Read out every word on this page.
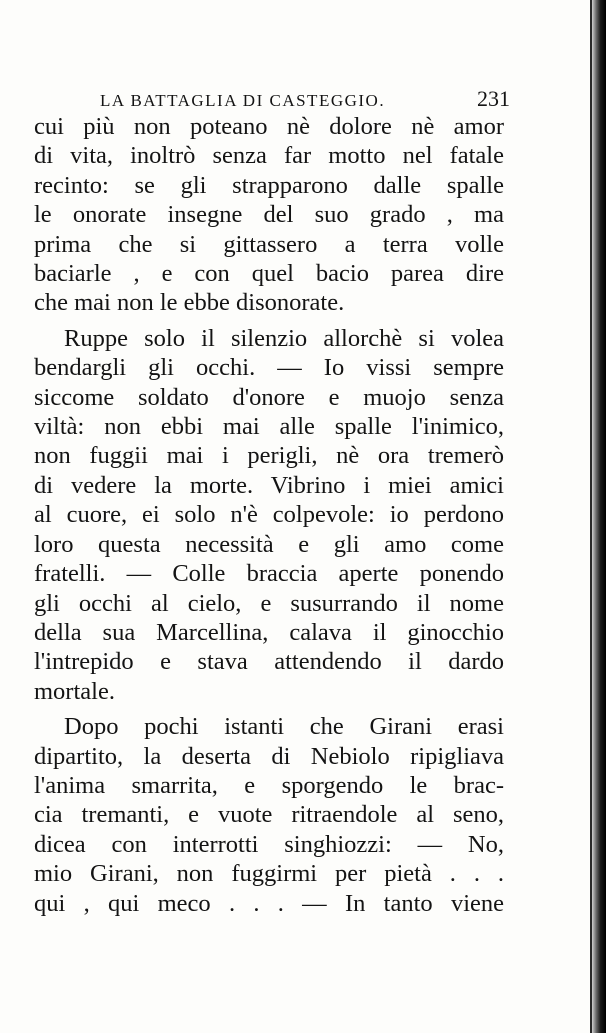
LA BATTAGLIA DI CASTEGGIO.	231
cui più non poteano nè dolore nè amor
di vita, inoltrò senza far motto nel fatale
recinto: se gli strapparono dalle spalle
le onorate insegne del suo grado , ma
prima che si gittassero a terra volle
baciarle , e con quel bacio parea dire
che mai non le ebbe disonorate.
Ruppe solo il silenzio allorchè si volea
bendargli gli occhi. — Io vissi sempre
siccome soldato d'onore e muojo senza
viltà: non ebbi mai alle spalle l'inimico,
non fuggii mai i perigli, nè ora tremerò
di vedere la morte. Vibrino i miei amici
al cuore, ei solo n'è colpevole: io perdono
loro questa necessità e gli amo come
fratelli. — Colle braccia aperte ponendo
gli occhi al cielo, e susurrando il nome
della sua Marcellina, calava il ginocchio
l'intrepido e stava attendendo il dardo
mortale.
Dopo pochi istanti che Girani erasi
dipartito, la deserta di Nebiolo ripigliava
l'anima smarrita, e sporgendo le brac-
cia tremanti, e vuote ritraendole al seno,
dicea con interrotti singhiozzi: — No,
mio Girani, non fuggirmi per pietà . . .
qui , qui meco . . . — In tanto viene
